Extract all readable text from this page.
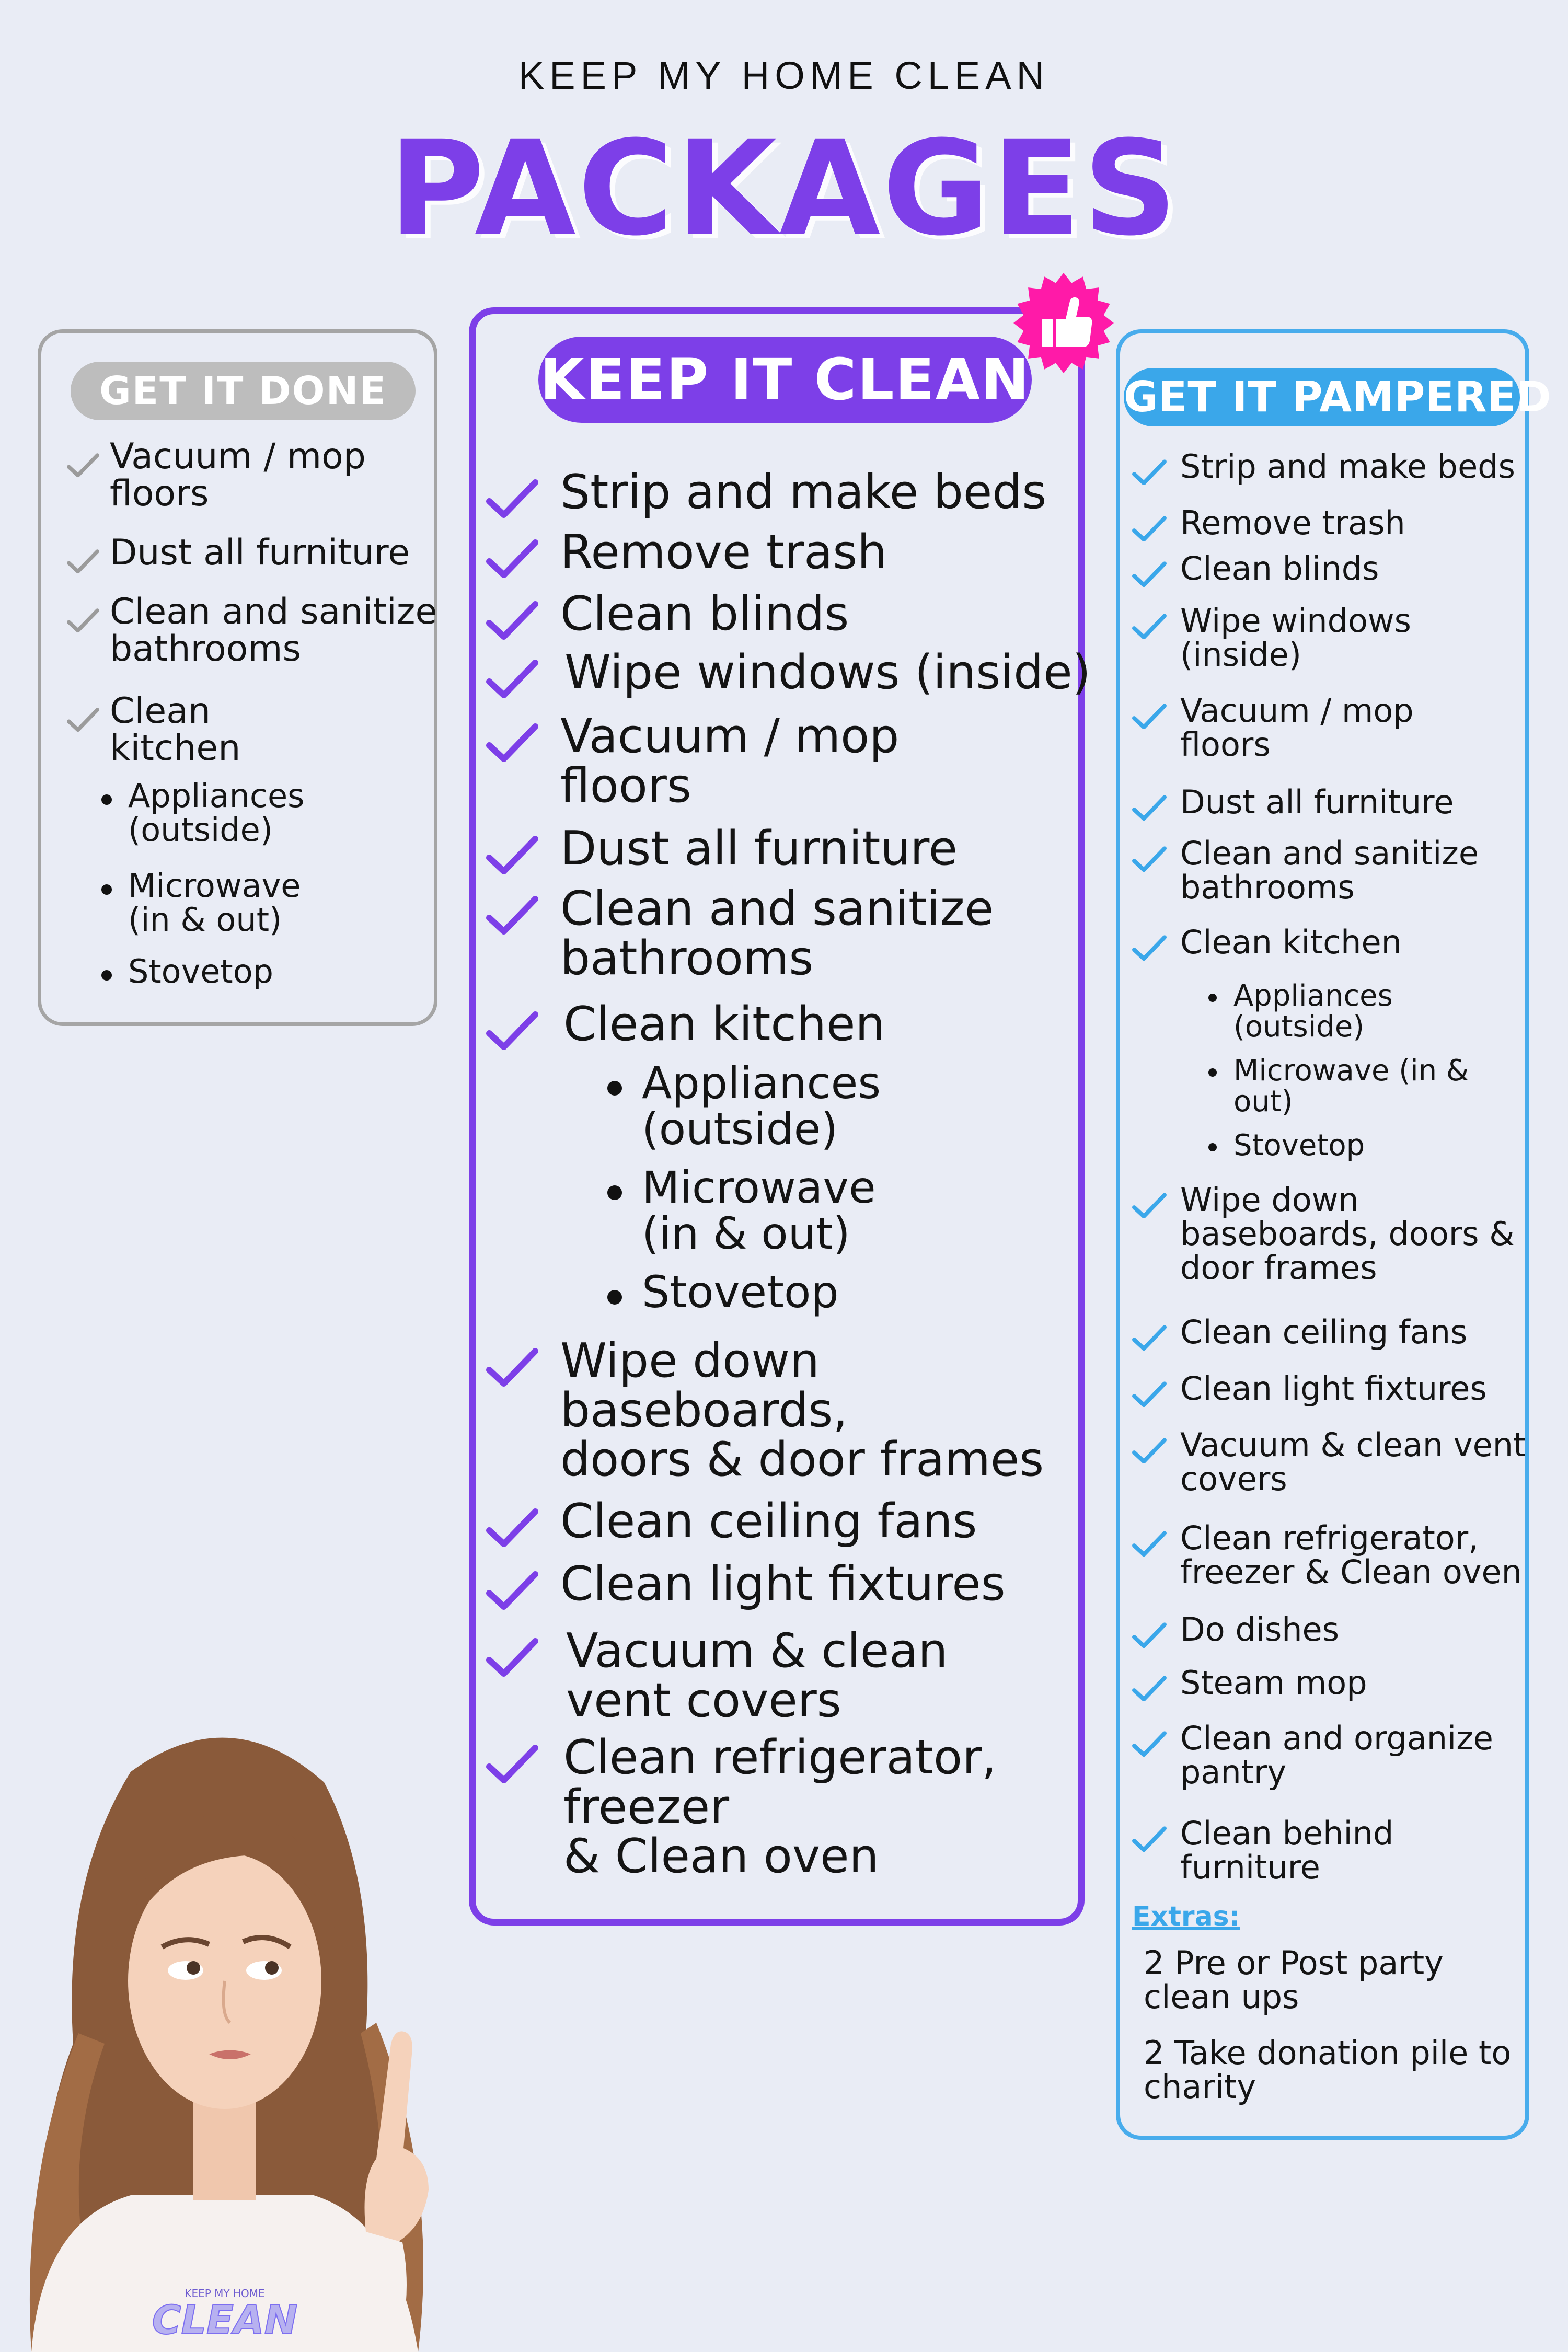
KEEP MY HOME CLEAN
PACKAGES
GET IT DONE	KEEP IT CLEAN GET IT PAMPERED
Vacuum / mop
floors
Dust all furniture
Clean and sanitize
bathrooms
Clean
kitchen
Appliances
(outside)
Microwave
(in & out)
Stovetop
Strip and make beds
Remove trash
Clean blinds
Wipe windows (inside)
Vacuum / mop
floors
Dust all furniture
Clean and sanitize
bathrooms
Clean kitchen
Wipe down
baseboards,
doors & door frames
Clean ceiling fans
Clean light fixtures
Vacuum & clean
vent covers
Clean refrigerator,
freezer
& Clean oven
Appliances
(outside)
Microwave
(in & out)
Stovetop
Strip and make beds
Remove trash
Clean blinds
Wipe windows
(inside)
Vacuum / mop
floors
Dust all furniture
Clean and sanitize
bathrooms
Clean kitchen
Wipe down
baseboards, doors &
door frames
Clean ceiling fans
Clean light fixtures
Vacuum & clean vent
covers
Clean refrigerator,
freezer & Clean oven
Do dishes
Steam mop
Clean and organize
pantry
Clean behind
furniture
Appliances
(outside)
Microwave (in &
out)
Stovetop
Extras:
2 Pre or Post party
clean ups
2 Take donation pile to
charity
KEEP MY HOME
CLEAN
